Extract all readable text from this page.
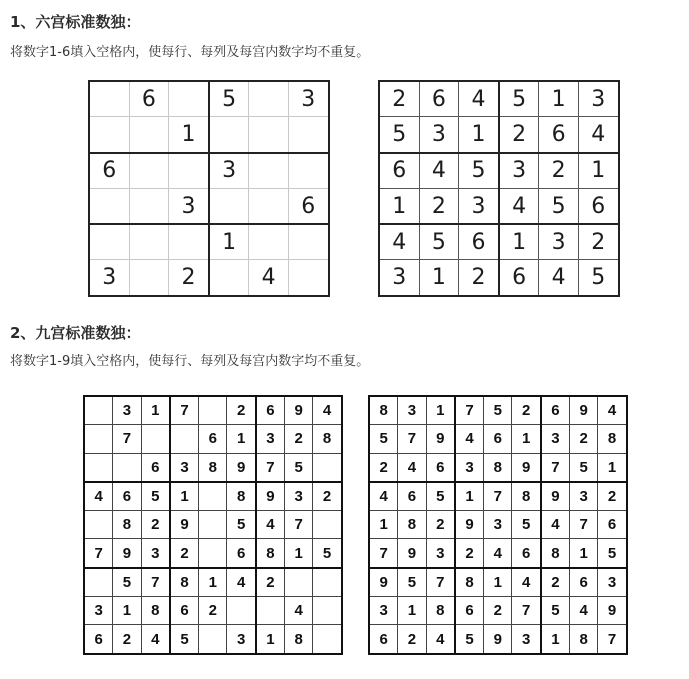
1、六宫标准数独：

将数字1-6填入空格内，使每行、每列及每宫内数字均不重复。

	6		5		3
		1			
6			3		
		3			6
			1		
3		2		4	
2	6	4	5	1	3
5	3	1	2	6	4
6	4	5	3	2	1
1	2	3	4	5	6
4	5	6	1	3	2
3	1	2	6	4	5
2、九宫标准数独：

将数字1-9填入空格内，使每行、每列及每宫内数字均不重复。

	3	1	7		2	6	9	4
	7			6	1	3	2	8
		6	3	8	9	7	5	
4	6	5	1		8	9	3	2
	8	2	9		5	4	7	
7	9	3	2		6	8	1	5
	5	7	8	1	4	2		
3	1	8	6	2			4	
6	2	4	5		3	1	8	
8	3	1	7	5	2	6	9	4
5	7	9	4	6	1	3	2	8
2	4	6	3	8	9	7	5	1
4	6	5	1	7	8	9	3	2
1	8	2	9	3	5	4	7	6
7	9	3	2	4	6	8	1	5
9	5	7	8	1	4	2	6	3
3	1	8	6	2	7	5	4	9
6	2	4	5	9	3	1	8	7
